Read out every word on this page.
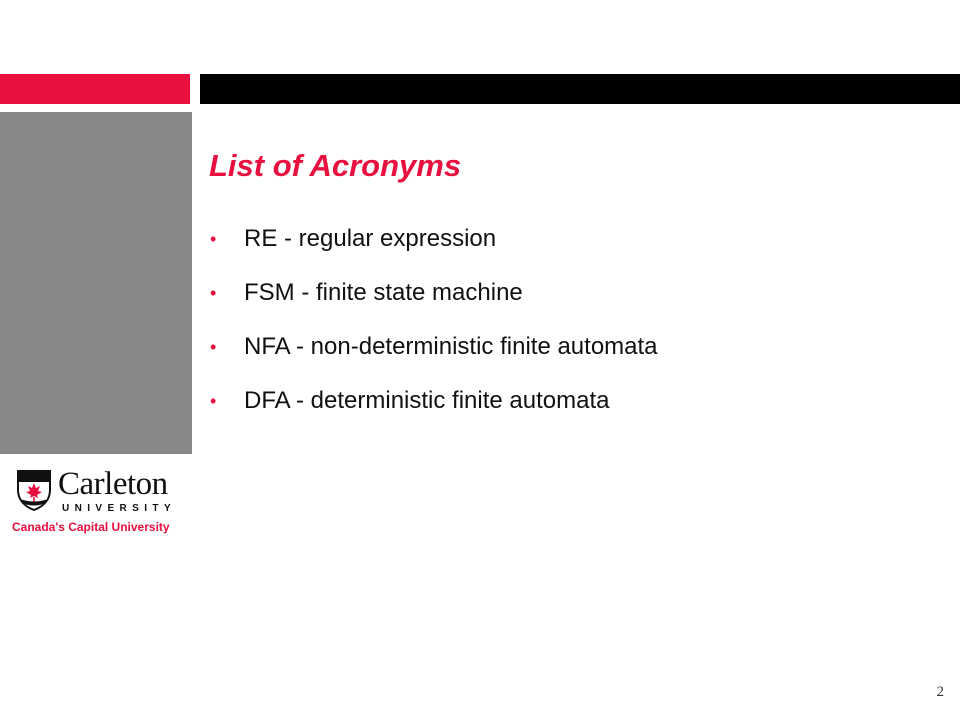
List of Acronyms
•	RE - regular expression
•	FSM - finite state machine
•	NFA - non-deterministic finite automata
•	DFA - deterministic finite automata
Carleton
UNIVERSITY
Canada's Capital University
2
